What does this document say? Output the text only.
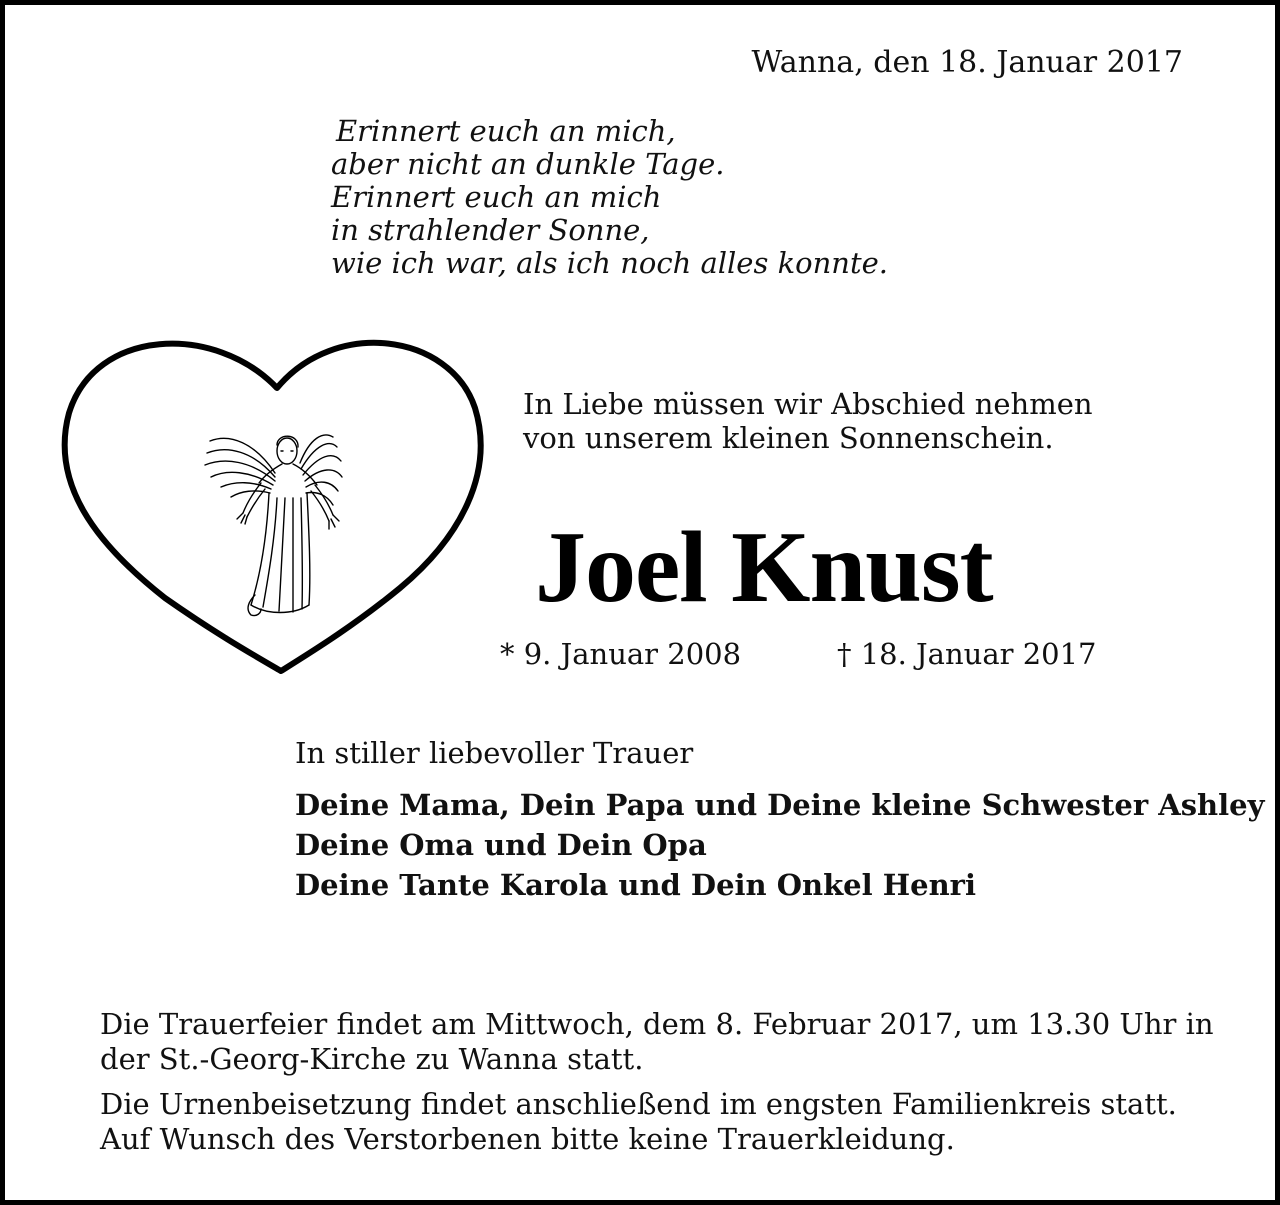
Wanna, den 18. Januar 2017
Erinnert euch an mich,
aber nicht an dunkle Tage.
Erinnert euch an mich
in strahlender Sonne,
wie ich war, als ich noch alles konnte.
In Liebe müssen wir Abschied nehmen
von unserem kleinen Sonnenschein.
Joel Knust
* 9. Januar 2008	† 18. Januar 2017
In stiller liebevoller Trauer
Deine Mama, Dein Papa und Deine kleine Schwester Ashley
Deine Oma und Dein Opa
Deine Tante Karola und Dein Onkel Henri
Die Trauerfeier findet am Mittwoch, dem 8. Februar 2017, um 13.30 Uhr in
der St.-Georg-Kirche zu Wanna statt.
Die Urnenbeisetzung findet anschließend im engsten Familienkreis statt.
Auf Wunsch des Verstorbenen bitte keine Trauerkleidung.
